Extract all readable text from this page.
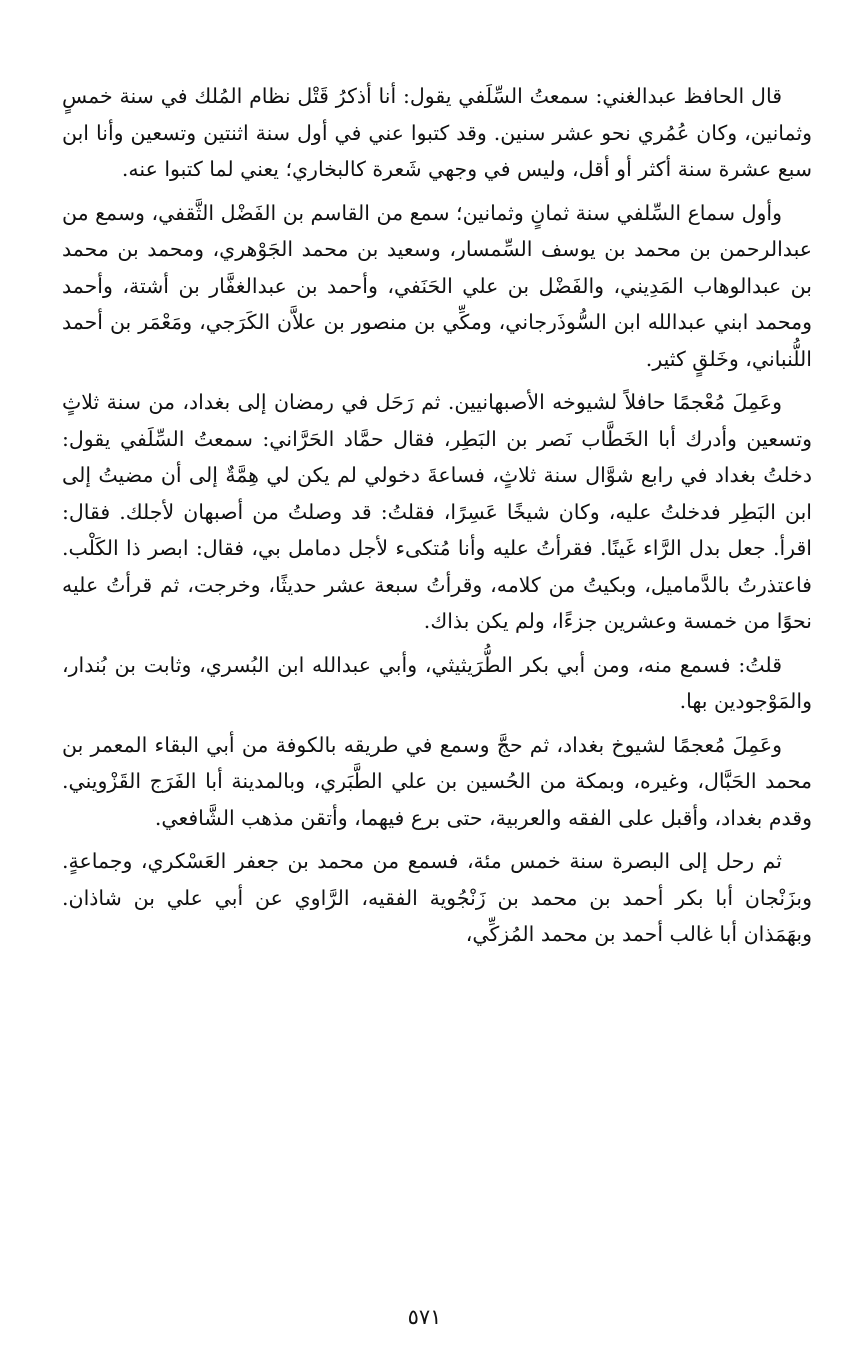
قال الحافظ عبدالغني: سمعتُ السِّلَفي يقول: أنا أذكرُ قَتْل نظام المُلك في سنة خمسٍ وثمانين، وكان عُمُري نحو عشر سنين. وقد كتبوا عني في أول سنة اثنتين وتسعين وأنا ابن سبع عشرة سنة أكثر أو أقل، وليس في وجهي شَعرة كالبخاري؛ يعني لما كتبوا عنه.

وأول سماع السِّلفي سنة ثمانٍ وثمانين؛ سمع من القاسم بن الفَضْل الثَّقفي، وسمع من عبدالرحمن بن محمد بن يوسف السِّمسار، وسعيد بن محمد الجَوْهري، ومحمد بن محمد بن عبدالوهاب المَدِيني، والفَضْل بن علي الحَنَفي، وأحمد بن عبدالغفَّار بن أشتة، وأحمد ومحمد ابني عبدالله ابن السُّوذَرجاني، ومكِّي بن منصور بن علاَّن الكَرَجي، ومَعْمَر بن أحمد اللُّنباني، وخَلقٍ كثير.

وعَمِلَ مُعْجمًا حافلاً لشيوخه الأصبهانيين. ثم رَحَل في رمضان إلى بغداد، من سنة ثلاثٍ وتسعين وأدرك أبا الخَطَّاب نَصر بن البَطِر، فقال حمَّاد الحَرَّاني: سمعتُ السِّلَفي يقول: دخلتُ بغداد في رابع شوَّال سنة ثلاثٍ، فساعةَ دخولي لم يكن لي هِمَّةٌ إلى أن مضيتُ إلى ابن البَطِر فدخلتُ عليه، وكان شيخًا عَسِرًا، فقلتُ: قد وصلتُ من أصبهان لأجلك. فقال: اقرأ. جعل بدل الرَّاء غَينًا. فقرأتُ عليه وأنا مُتكىء لأجل دمامل بي، فقال: ابصر ذا الكَلْب. فاعتذرتُ بالدَّماميل، وبكيتُ من كلامه، وقرأتُ سبعة عشر حديثًا، وخرجت، ثم قرأتُ عليه نحوًا من خمسة وعشرين جزءًا، ولم يكن بذاك.

قلتُ: فسمع منه، ومن أبي بكر الطُّرَيثيثي، وأبي عبدالله ابن البُسري، وثابت بن بُندار، والمَوْجودين بها.

وعَمِلَ مُعجمًا لشيوخ بغداد، ثم حجَّ وسمع في طريقه بالكوفة من أبي البقاء المعمر بن محمد الحَبَّال، وغيره، وبمكة من الحُسين بن علي الطَّبَري، وبالمدينة أبا الفَرَج القَزْويني. وقدم بغداد، وأقبل على الفقه والعربية، حتى برع فيهما، وأتقن مذهب الشَّافعي.

ثم رحل إلى البصرة سنة خمس مئة، فسمع من محمد بن جعفر العَسْكري، وجماعةٍ. وبزَنْجان أبا بكر أحمد بن محمد بن زَنْجُوية الفقيه، الرَّاوي عن أبي علي بن شاذان. وبهَمَذان أبا غالب أحمد بن محمد المُزكِّي،

٥٧١
